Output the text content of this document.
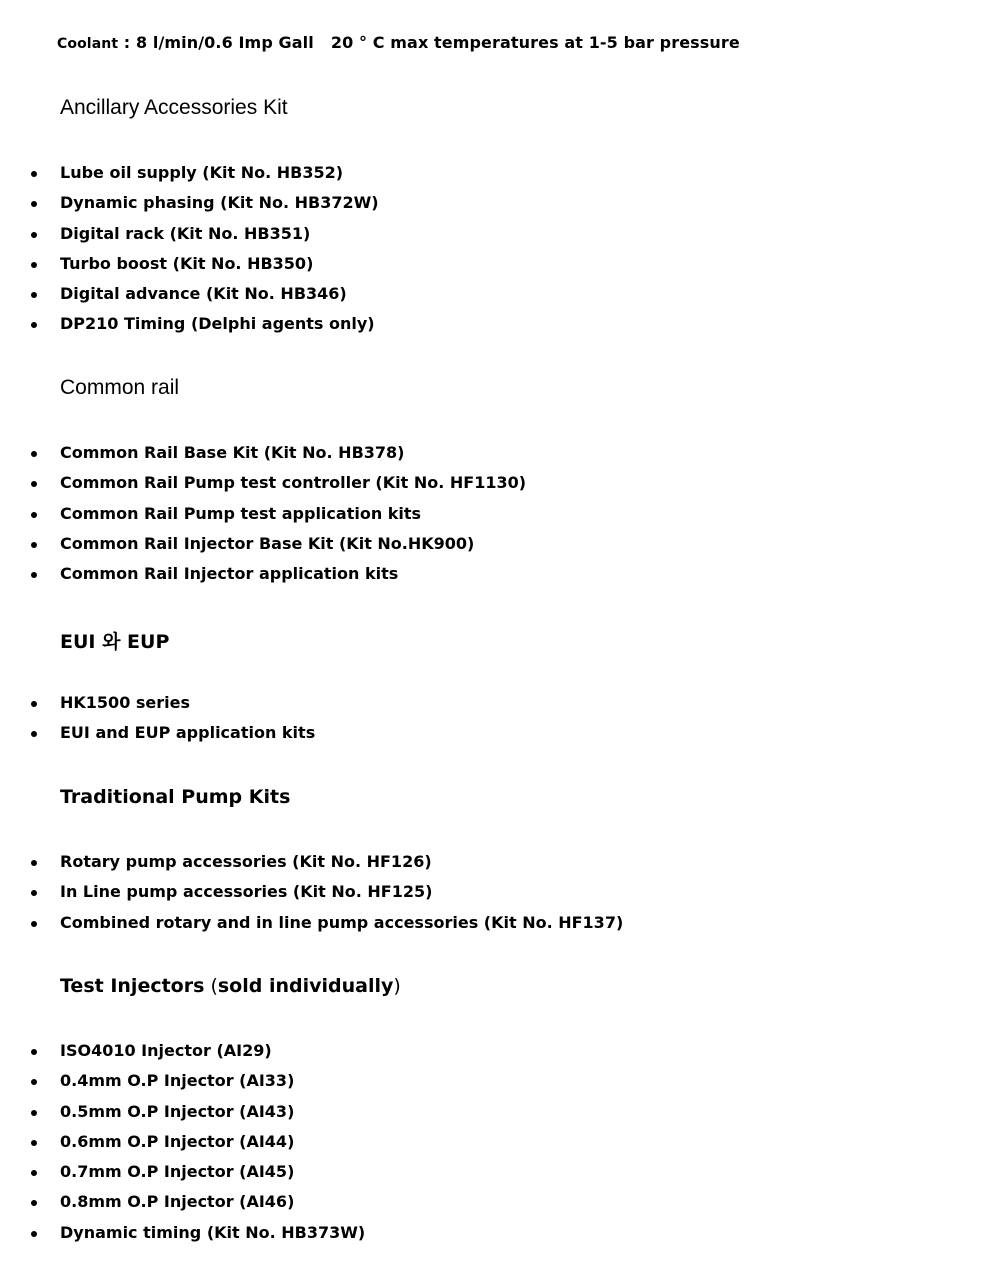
Coolant : 8 l/min/0.6 Imp Gall   20 ° C max temperatures at 1-5 bar pressure
Ancillary Accessories Kit
Lube oil supply (Kit No. HB352)
Dynamic phasing (Kit No. HB372W)
Digital rack (Kit No. HB351)
Turbo boost (Kit No. HB350)
Digital advance (Kit No. HB346)
DP210 Timing (Delphi agents only)
Common rail
Common Rail Base Kit (Kit No. HB378)
Common Rail Pump test controller (Kit No. HF1130)
Common Rail Pump test application kits
Common Rail Injector Base Kit (Kit No.HK900)
Common Rail Injector application kits
EUI 와 EUP
HK1500 series
EUI and EUP application kits
Traditional Pump Kits
Rotary pump accessories (Kit No. HF126)
In Line pump accessories (Kit No. HF125)
Combined rotary and in line pump accessories (Kit No. HF137)
Test Injectors (sold individually)
ISO4010 Injector (AI29)
0.4mm O.P Injector (AI33)
0.5mm O.P Injector (AI43)
0.6mm O.P Injector (AI44)
0.7mm O.P Injector (AI45)
0.8mm O.P Injector (AI46)
Dynamic timing (Kit No. HB373W)
